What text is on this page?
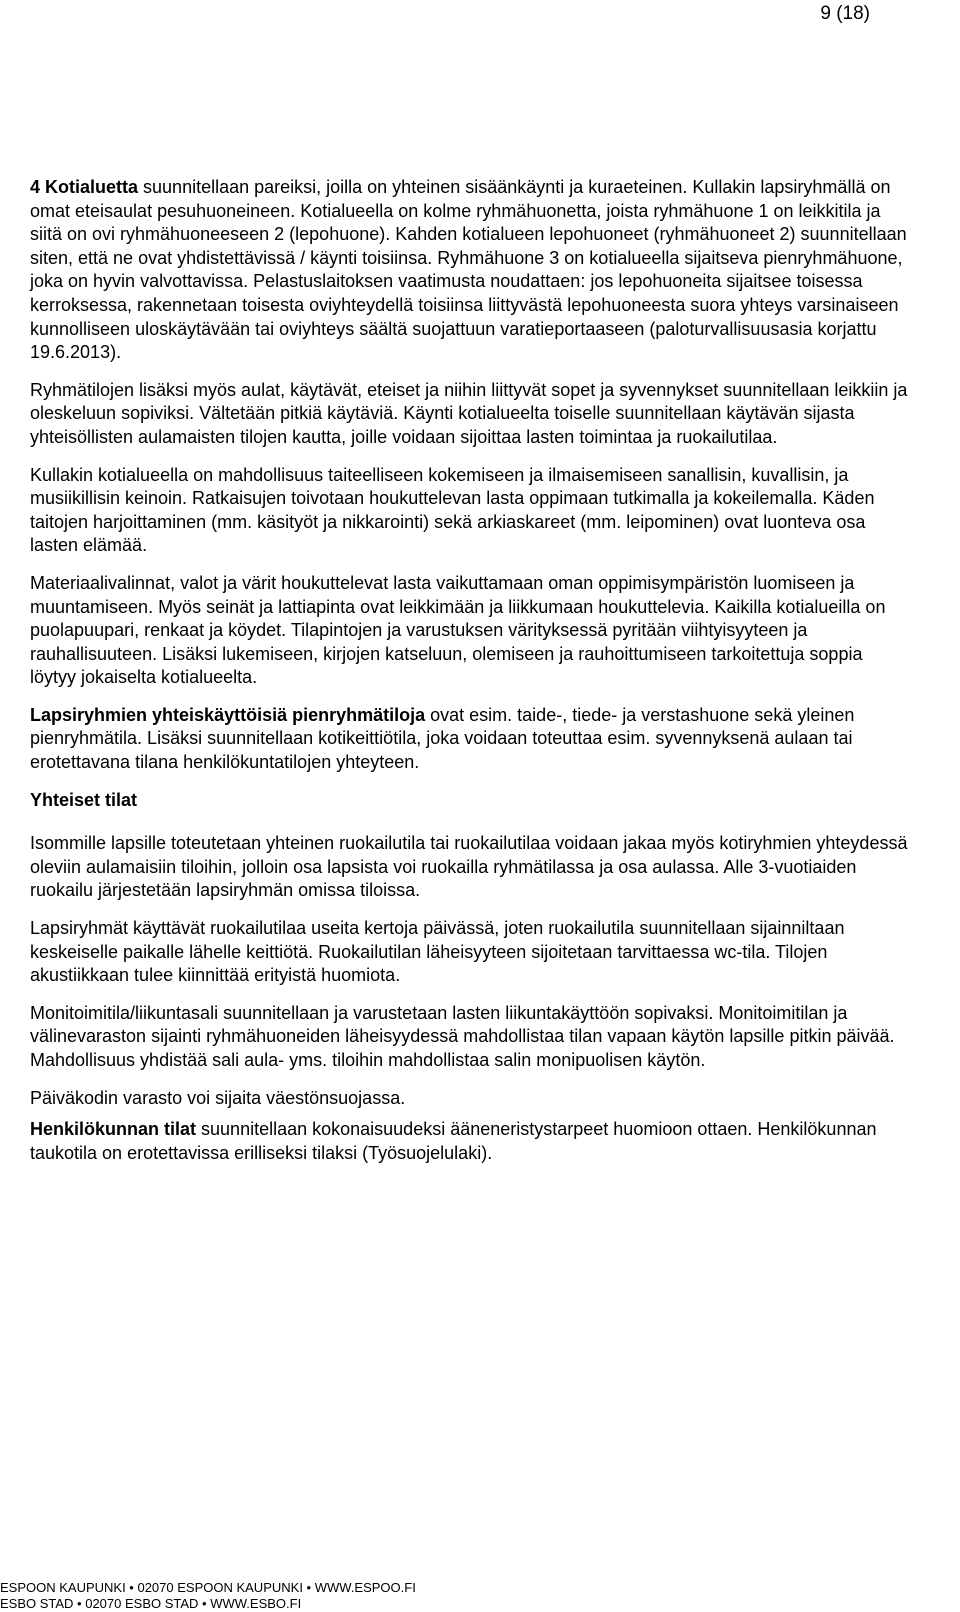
9 (18)

4 Kotialuetta suunnitellaan pareiksi, joilla on yhteinen sisäänkäynti ja kuraeteinen. Kullakin lapsiryhmällä on omat eteisaulat pesuhuoneineen. Kotialueella on kolme ryhmähuonetta, joista ryhmähuone 1 on leikkitila ja siitä on ovi ryhmähuoneeseen 2 (lepohuone). Kahden kotialueen lepohuoneet (ryhmähuoneet 2) suunnitellaan siten, että ne ovat yhdistettävissä / käynti toisiinsa. Ryhmähuone 3 on kotialueella sijaitseva pienryhmähuone, joka on hyvin valvottavissa. Pelastuslaitoksen vaatimusta noudattaen: jos lepohuoneita sijaitsee toisessa kerroksessa, rakennetaan toisesta oviyhteydellä toisiinsa liittyvästä lepohuoneesta suora yhteys varsinaiseen kunnolliseen uloskäytävään tai oviyhteys säältä suojattuun varatieportaaseen (paloturvallisuusasia korjattu 19.6.2013).

Ryhmätilojen lisäksi myös aulat, käytävät, eteiset ja niihin liittyvät sopet ja syvennykset suunnitellaan leikkiin ja oleskeluun sopiviksi. Vältetään pitkiä käytäviä. Käynti kotialueelta toiselle suunnitellaan käytävän sijasta yhteisöllisten aulamaisten tilojen kautta, joille voidaan sijoittaa lasten toimintaa ja ruokailutilaa.

Kullakin kotialueella on mahdollisuus taiteelliseen kokemiseen ja ilmaisemiseen sanallisin, kuvallisin, ja musiikillisin keinoin. Ratkaisujen toivotaan houkuttelevan lasta oppimaan tutkimalla ja kokeilemalla. Käden taitojen harjoittaminen (mm. käsityöt ja nikkarointi) sekä arkiaskareet (mm. leipominen) ovat luonteva osa lasten elämää.

Materiaalivalinnat, valot ja värit houkuttelevat lasta vaikuttamaan oman oppimisympäristön luomiseen ja muuntamiseen. Myös seinät ja lattiapinta ovat leikkimään ja liikkumaan houkuttelevia. Kaikilla kotialueilla on puolapuupari, renkaat ja köydet. Tilapintojen ja varustuksen värityksessä pyritään viihtyisyyteen ja rauhallisuuteen. Lisäksi lukemiseen, kirjojen katseluun, olemiseen ja rauhoittumiseen tarkoitettuja soppia löytyy jokaiselta kotialueelta.

Lapsiryhmien yhteiskäyttöisiä pienryhmätiloja ovat esim. taide-, tiede- ja verstashuone sekä yleinen pienryhmätila. Lisäksi suunnitellaan kotikeittiötila, joka voidaan toteuttaa esim. syvennyksenä aulaan tai erotettavana tilana henkilökuntatilojen yhteyteen.

Yhteiset tilat

Isommille lapsille toteutetaan yhteinen ruokailutila tai ruokailutilaa voidaan jakaa myös kotiryhmien yhteydessä oleviin aulamaisiin tiloihin, jolloin osa lapsista voi ruokailla ryhmätilassa ja osa aulassa. Alle 3-vuotiaiden ruokailu järjestetään lapsiryhmän omissa tiloissa.

Lapsiryhmät käyttävät ruokailutilaa useita kertoja päivässä, joten ruokailutila suunnitellaan sijainniltaan keskeiselle paikalle lähelle keittiötä. Ruokailutilan läheisyyteen sijoitetaan tarvittaessa wc-tila. Tilojen akustiikkaan tulee kiinnittää erityistä huomiota.

Monitoimitila/liikuntasali suunnitellaan ja varustetaan lasten liikuntakäyttöön sopivaksi. Monitoimitilan ja välinevaraston sijainti ryhmähuoneiden läheisyydessä mahdollistaa tilan vapaan käytön lapsille pitkin päivää. Mahdollisuus yhdistää sali aula- yms. tiloihin mahdollistaa salin monipuolisen käytön.

Päiväkodin varasto voi sijaita väestönsuojassa.

Henkilökunnan tilat suunnitellaan kokonaisuudeksi ääneneristystarpeet huomioon ottaen. Henkilökunnan taukotila on erotettavissa erilliseksi tilaksi (Työsuojelulaki).

ESPOON KAUPUNKI • 02070 ESPOON KAUPUNKI • WWW.ESPOO.FI
ESBO STAD • 02070 ESBO STAD • WWW.ESBO.FI
